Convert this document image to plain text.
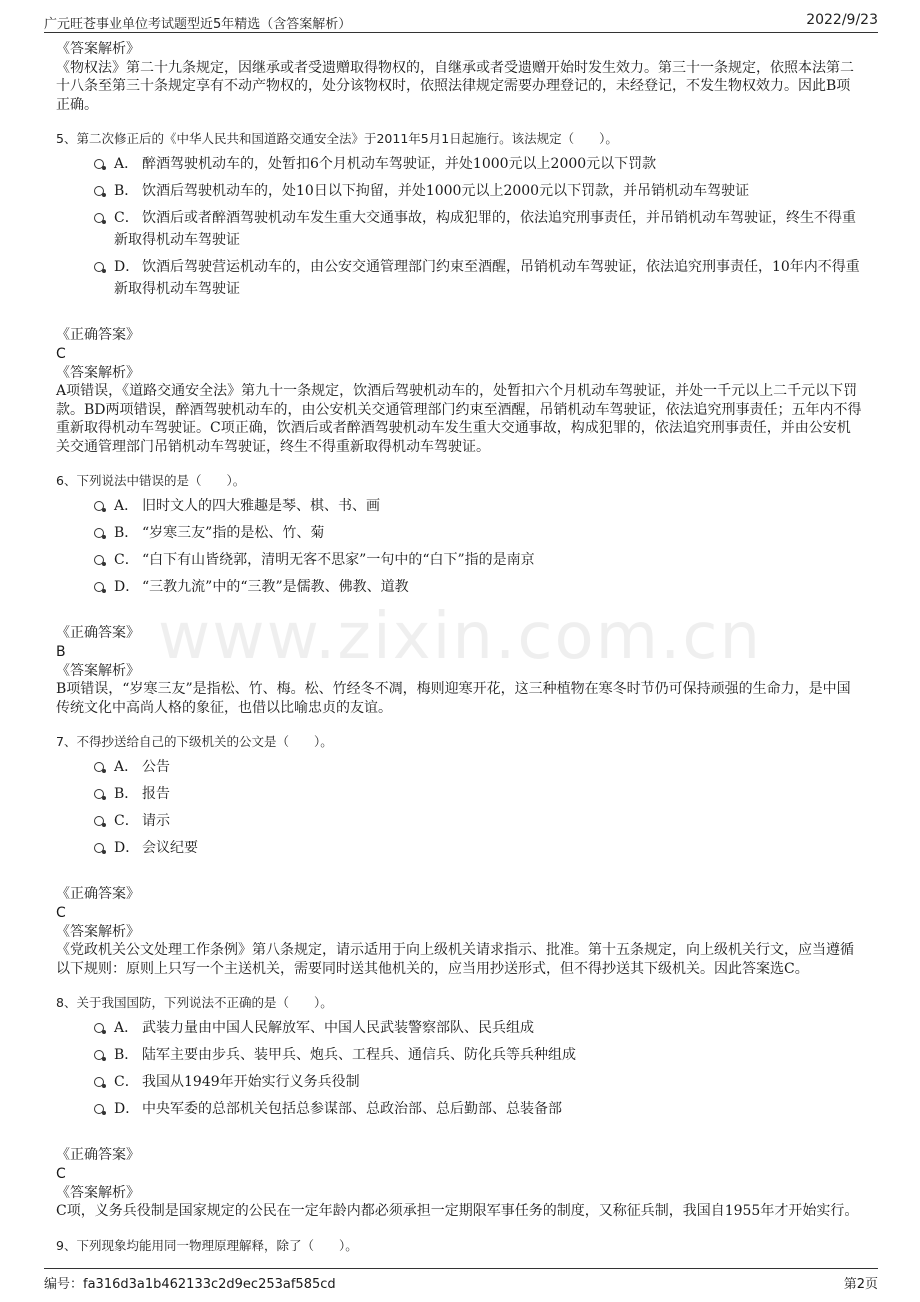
广元旺苍事业单位考试题型近5年精选（含答案解析）	2022/9/23
www.zixin.com.cn
《答案解析》
《物权法》第二十九条规定，因继承或者受遗赠取得物权的，自继承或者受遗赠开始时发生效力。第三十一条规定，依照本法第二十八条至第三十条规定享有不动产物权的，处分该物权时，依照法律规定需要办理登记的，未经登记，不发生物权效力。因此B项正确。
5、第二次修正后的《中华人民共和国道路交通安全法》于2011年5月1日起施行。该法规定（　　）。
A． 醉酒驾驶机动车的，处暂扣6个月机动车驾驶证，并处1000元以上2000元以下罚款
B． 饮酒后驾驶机动车的，处10日以下拘留，并处1000元以上2000元以下罚款，并吊销机动车驾驶证
C． 饮酒后或者醉酒驾驶机动车发生重大交通事故，构成犯罪的，依法追究刑事责任，并吊销机动车驾驶证，终生不得重新取得机动车驾驶证
D． 饮酒后驾驶营运机动车的，由公安交通管理部门约束至酒醒，吊销机动车驾驶证，依法追究刑事责任，10年内不得重新取得机动车驾驶证
《正确答案》
C
《答案解析》
A项错误，《道路交通安全法》第九十一条规定，饮酒后驾驶机动车的，处暂扣六个月机动车驾驶证，并处一千元以上二千元以下罚款。BD两项错误，醉酒驾驶机动车的，由公安机关交通管理部门约束至酒醒，吊销机动车驾驶证，依法追究刑事责任；五年内不得重新取得机动车驾驶证。C项正确，饮酒后或者醉酒驾驶机动车发生重大交通事故，构成犯罪的，依法追究刑事责任，并由公安机关交通管理部门吊销机动车驾驶证，终生不得重新取得机动车驾驶证。
6、下列说法中错误的是（　　）。
A． 旧时文人的四大雅趣是琴、棋、书、画
B． “岁寒三友”指的是松、竹、菊
C． “白下有山皆绕郭，清明无客不思家”一句中的“白下”指的是南京
D． “三教九流”中的“三教”是儒教、佛教、道教
《正确答案》
B
《答案解析》
B项错误，“岁寒三友”是指松、竹、梅。松、竹经冬不凋，梅则迎寒开花，这三种植物在寒冬时节仍可保持顽强的生命力，是中国传统文化中高尚人格的象征，也借以比喻忠贞的友谊。
7、不得抄送给自己的下级机关的公文是（　　）。
A． 公告
B． 报告
C． 请示
D． 会议纪要
《正确答案》
C
《答案解析》
《党政机关公文处理工作条例》第八条规定，请示适用于向上级机关请求指示、批准。第十五条规定，向上级机关行文，应当遵循以下规则：原则上只写一个主送机关，需要同时送其他机关的，应当用抄送形式，但不得抄送其下级机关。因此答案选C。
8、关于我国国防，下列说法不正确的是（　　）。
A． 武装力量由中国人民解放军、中国人民武装警察部队、民兵组成
B． 陆军主要由步兵、装甲兵、炮兵、工程兵、通信兵、防化兵等兵种组成
C． 我国从1949年开始实行义务兵役制
D． 中央军委的总部机关包括总参谋部、总政治部、总后勤部、总装备部
《正确答案》
C
《答案解析》
C项，义务兵役制是国家规定的公民在一定年龄内都必须承担一定期限军事任务的制度，又称征兵制，我国自1955年才开始实行。
9、下列现象均能用同一物理原理解释，除了（　　）。
编号：fa316d3a1b462133c2d9ec253af585cd	第2页
